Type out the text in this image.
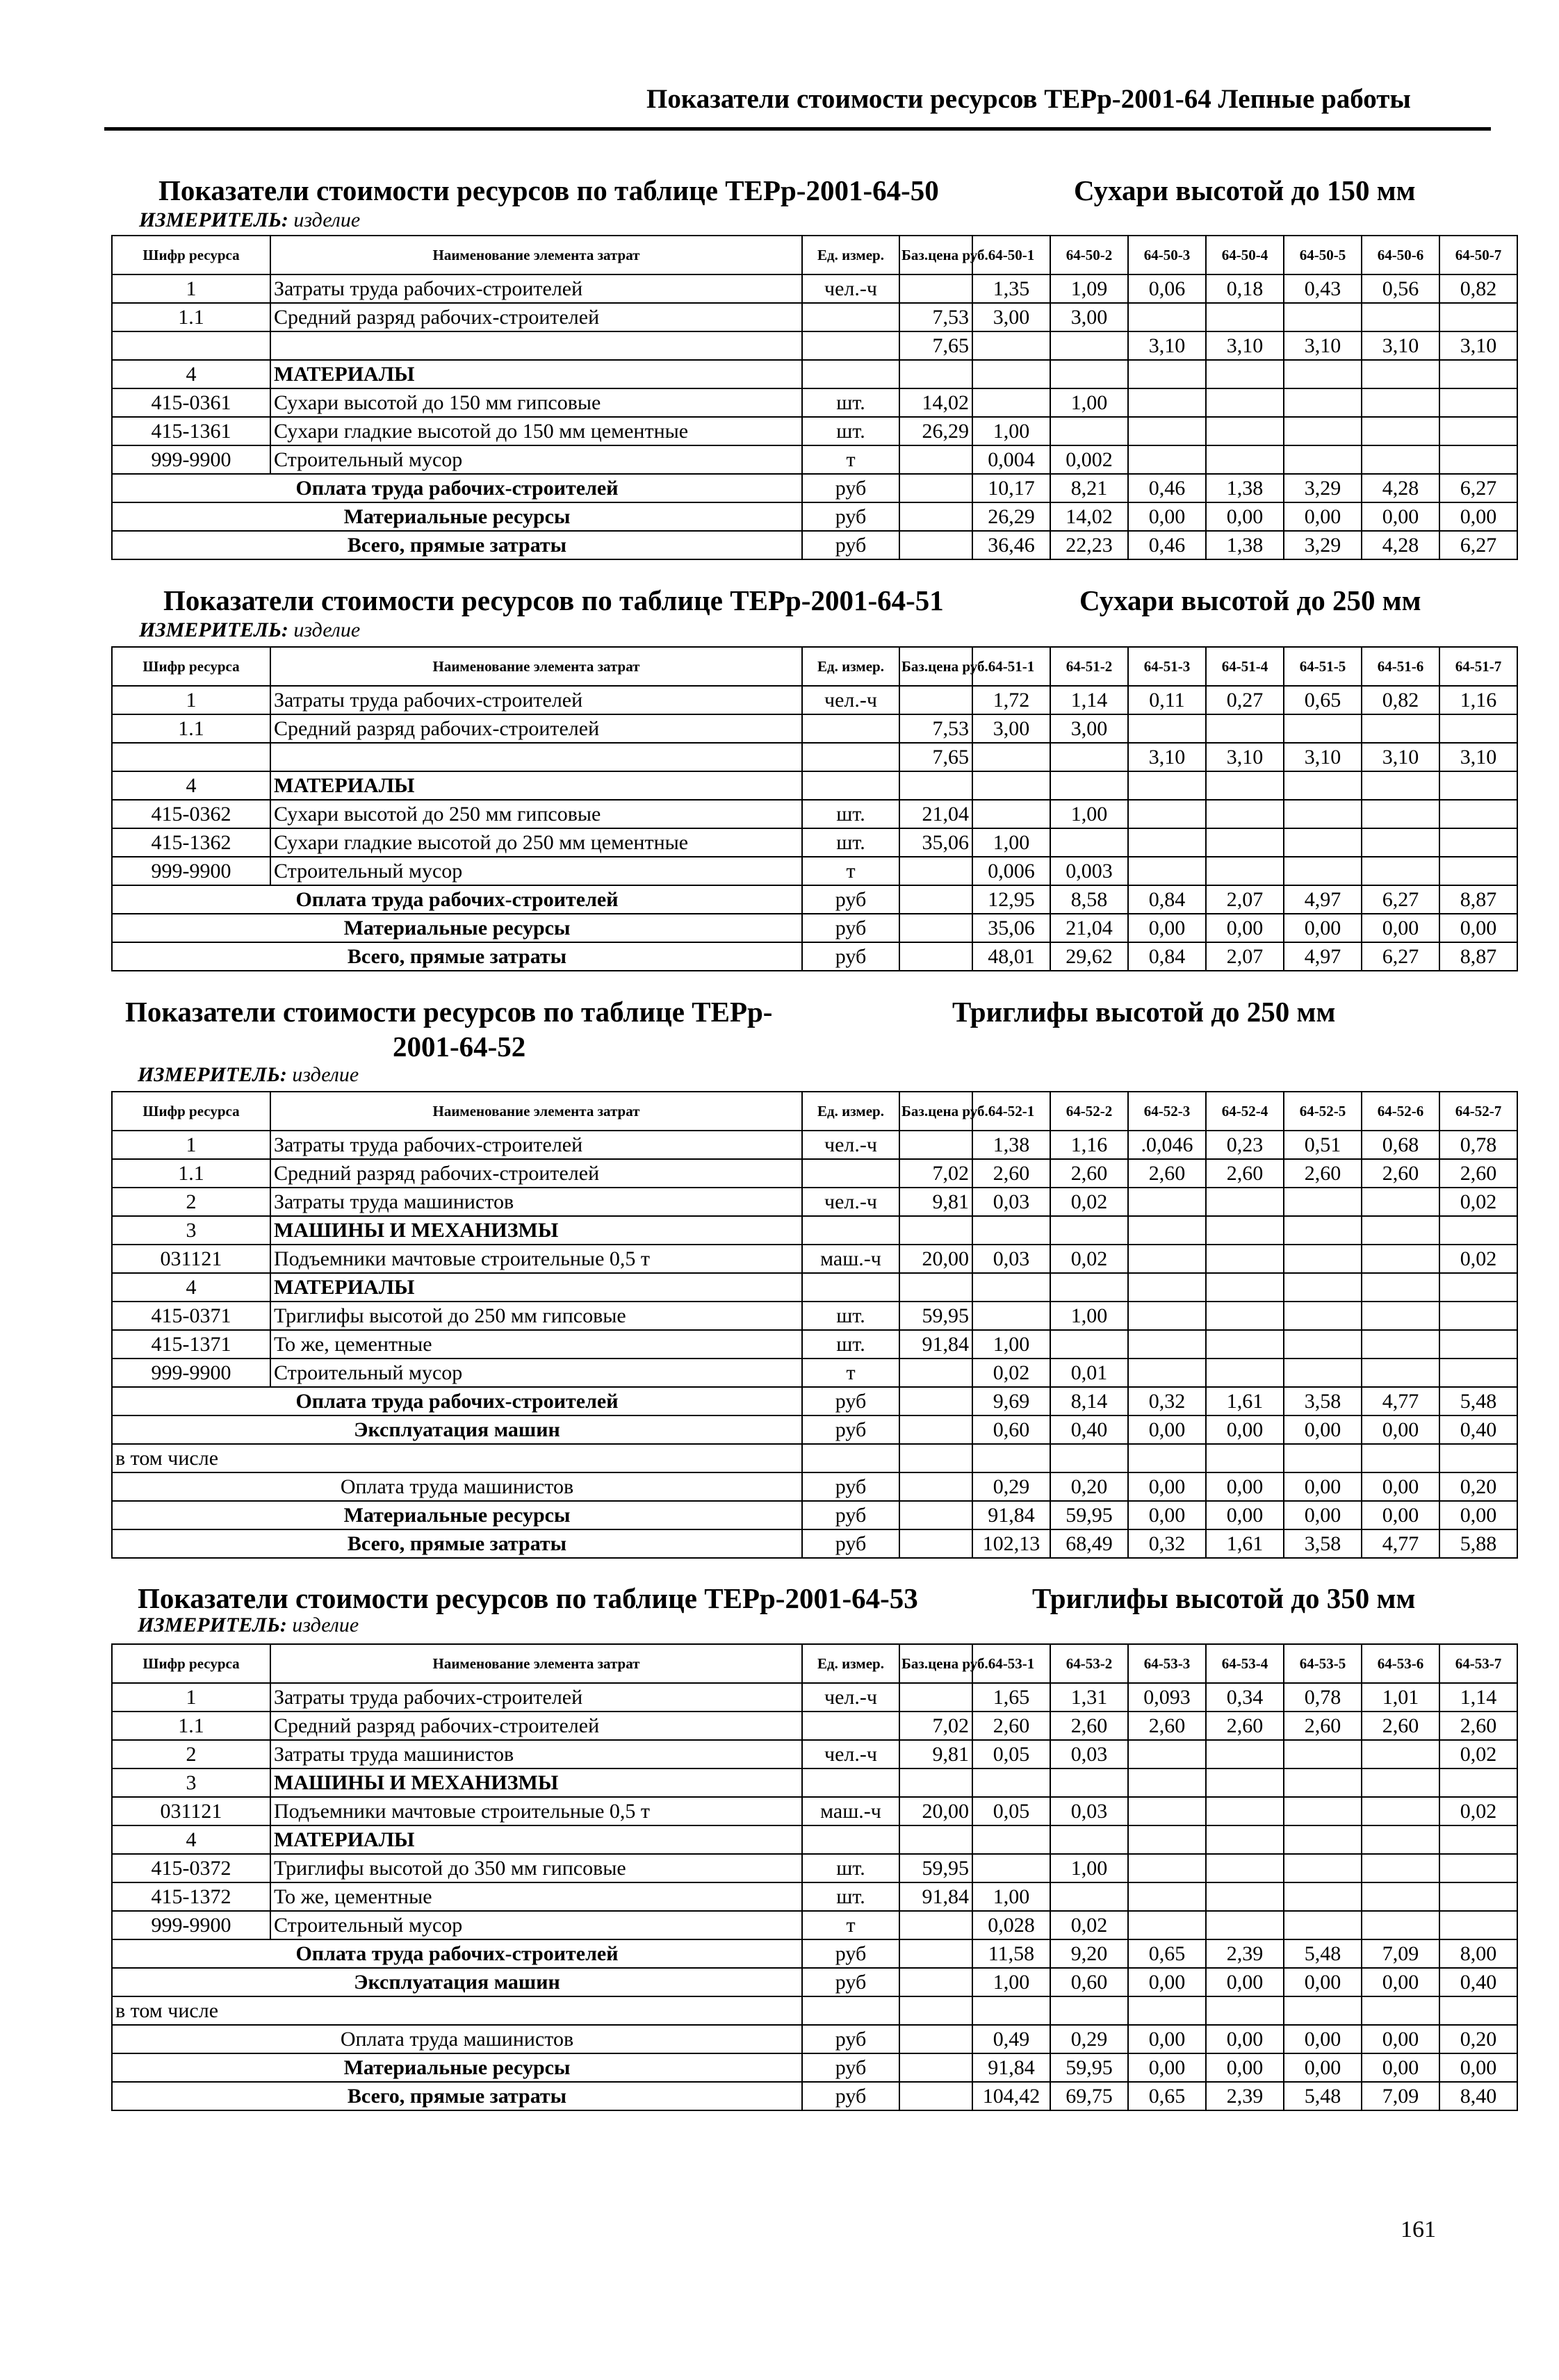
Показатели стоимости ресурсов ТЕРр-2001-64 Лепные работы
Показатели стоимости ресурсов по таблице ТЕРр-2001-64-50	Сухари высотой до 150 мм
ИЗМЕРИТЕЛЬ: изделие
Шифр ресурса	Наименование элемента затрат	Ед. измер.	Баз.цена руб.	64-50-1	64-50-2	64-50-3	64-50-4	64-50-5	64-50-6	64-50-7
1	Затраты труда рабочих-строителей	чел.-ч		1,35	1,09	0,06	0,18	0,43	0,56	0,82
1.1	Средний разряд рабочих-строителей		7,53	3,00	3,00					
			7,65			3,10	3,10	3,10	3,10	3,10
4	МАТЕРИАЛЫ									
415-0361	Сухари высотой до 150 мм гипсовые	шт.	14,02		1,00					
415-1361	Сухари гладкие высотой до 150 мм цементные	шт.	26,29	1,00						
999-9900	Строительный мусор	т		0,004	0,002					
Оплата труда рабочих-строителей		руб		10,17	8,21	0,46	1,38	3,29	4,28	6,27
Материальные ресурсы		руб		26,29	14,02	0,00	0,00	0,00	0,00	0,00
Всего, прямые затраты		руб		36,46	22,23	0,46	1,38	3,29	4,28	6,27
Показатели стоимости ресурсов по таблице ТЕРр-2001-64-51	Сухари высотой до 250 мм
ИЗМЕРИТЕЛЬ: изделие
Шифр ресурса	Наименование элемента затрат	Ед. измер.	Баз.цена руб.	64-51-1	64-51-2	64-51-3	64-51-4	64-51-5	64-51-6	64-51-7
1	Затраты труда рабочих-строителей	чел.-ч		1,72	1,14	0,11	0,27	0,65	0,82	1,16
1.1	Средний разряд рабочих-строителей		7,53	3,00	3,00					
			7,65			3,10	3,10	3,10	3,10	3,10
4	МАТЕРИАЛЫ									
415-0362	Сухари высотой до 250 мм гипсовые	шт.	21,04		1,00					
415-1362	Сухари гладкие высотой до 250 мм цементные	шт.	35,06	1,00						
999-9900	Строительный мусор	т		0,006	0,003					
Оплата труда рабочих-строителей		руб		12,95	8,58	0,84	2,07	4,97	6,27	8,87
Материальные ресурсы		руб		35,06	21,04	0,00	0,00	0,00	0,00	0,00
Всего, прямые затраты		руб		48,01	29,62	0,84	2,07	4,97	6,27	8,87
Показатели стоимости ресурсов по таблице ТЕРр-
2001-64-52
Триглифы высотой до 250 мм
ИЗМЕРИТЕЛЬ: изделие
Шифр ресурса	Наименование элемента затрат	Ед. измер.	Баз.цена руб.	64-52-1	64-52-2	64-52-3	64-52-4	64-52-5	64-52-6	64-52-7
1	Затраты труда рабочих-строителей	чел.-ч		1,38	1,16	.0,046	0,23	0,51	0,68	0,78
1.1	Средний разряд рабочих-строителей		7,02	2,60	2,60	2,60	2,60	2,60	2,60	2,60
2	Затраты труда машинистов	чел.-ч	9,81	0,03	0,02					0,02
3	МАШИНЫ И МЕХАНИЗМЫ									
031121	Подъемники мачтовые строительные 0,5 т	маш.-ч	20,00	0,03	0,02					0,02
4	МАТЕРИАЛЫ									
415-0371	Триглифы высотой до 250 мм гипсовые	шт.	59,95		1,00					
415-1371	То же, цементные	шт.	91,84	1,00						
999-9900	Строительный мусор	т		0,02	0,01					
Оплата труда рабочих-строителей		руб		9,69	8,14	0,32	1,61	3,58	4,77	5,48
Эксплуатация машин		руб		0,60	0,40	0,00	0,00	0,00	0,00	0,40
в том числе										
Оплата труда машинистов		руб		0,29	0,20	0,00	0,00	0,00	0,00	0,20
Материальные ресурсы		руб		91,84	59,95	0,00	0,00	0,00	0,00	0,00
Всего, прямые затраты		руб		102,13	68,49	0,32	1,61	3,58	4,77	5,88
Показатели стоимости ресурсов по таблице ТЕРр-2001-64-53	Триглифы высотой до 350 мм
ИЗМЕРИТЕЛЬ: изделие
Шифр ресурса	Наименование элемента затрат	Ед. измер.	Баз.цена руб.	64-53-1	64-53-2	64-53-3	64-53-4	64-53-5	64-53-6	64-53-7
1	Затраты труда рабочих-строителей	чел.-ч		1,65	1,31	0,093	0,34	0,78	1,01	1,14
1.1	Средний разряд рабочих-строителей		7,02	2,60	2,60	2,60	2,60	2,60	2,60	2,60
2	Затраты труда машинистов	чел.-ч	9,81	0,05	0,03					0,02
3	МАШИНЫ И МЕХАНИЗМЫ									
031121	Подъемники мачтовые строительные 0,5 т	маш.-ч	20,00	0,05	0,03					0,02
4	МАТЕРИАЛЫ									
415-0372	Триглифы высотой до 350 мм гипсовые	шт.	59,95		1,00					
415-1372	То же, цементные	шт.	91,84	1,00						
999-9900	Строительный мусор	т		0,028	0,02					
Оплата труда рабочих-строителей		руб		11,58	9,20	0,65	2,39	5,48	7,09	8,00
Эксплуатация машин		руб		1,00	0,60	0,00	0,00	0,00	0,00	0,40
в том числе										
Оплата труда машинистов		руб		0,49	0,29	0,00	0,00	0,00	0,00	0,20
Материальные ресурсы		руб		91,84	59,95	0,00	0,00	0,00	0,00	0,00
Всего, прямые затраты		руб		104,42	69,75	0,65	2,39	5,48	7,09	8,40
161
